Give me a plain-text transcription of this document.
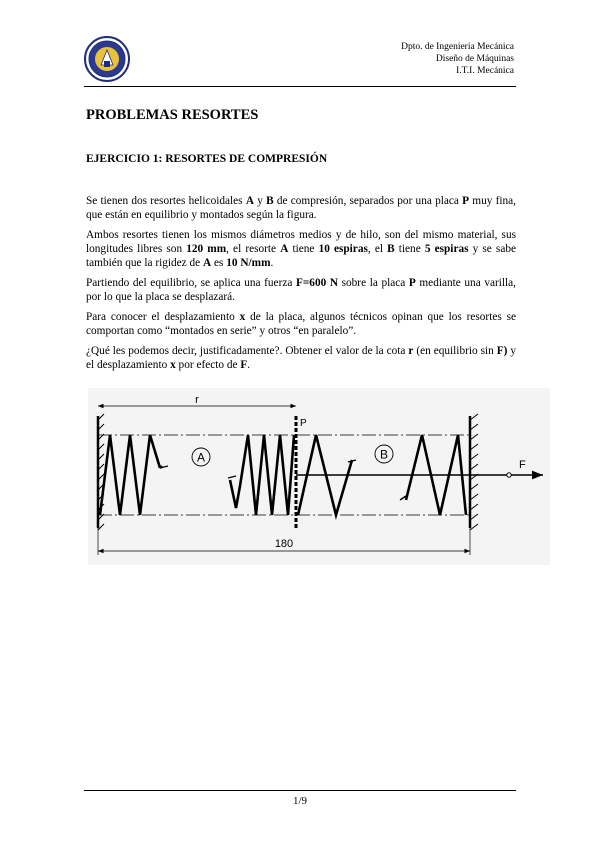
Dpto. de Ingeniería Mecánica
Diseño de Máquinas
I.T.I. Mecánica
PROBLEMAS RESORTES
EJERCICIO 1: RESORTES DE COMPRESIÓN

Se tienen dos resortes helicoidales A y B de compresión, separados por una placa P muy fina, que están en equilibrio y montados según la figura.

Ambos resortes tienen los mismos diámetros medios y de hilo, son del mismo material, sus longitudes libres son 120 mm, el resorte A tiene 10 espiras, el B tiene 5 espiras y se sabe también que la rigidez de A es 10 N/mm.

Partiendo del equilibrio, se aplica una fuerza F=600 N sobre la placa P mediante una varilla, por lo que la placa se desplazará.

Para conocer el desplazamiento x de la placa, algunos técnicos opinan que los resortes se comportan como “montados en serie” y otros “en paralelo”.

¿Qué les podemos decir, justificadamente?. Obtener el valor de la cota r (en equilibrio sin F) y el desplazamiento x por efecto de F.

A	B
F
r
P
180
1/9
